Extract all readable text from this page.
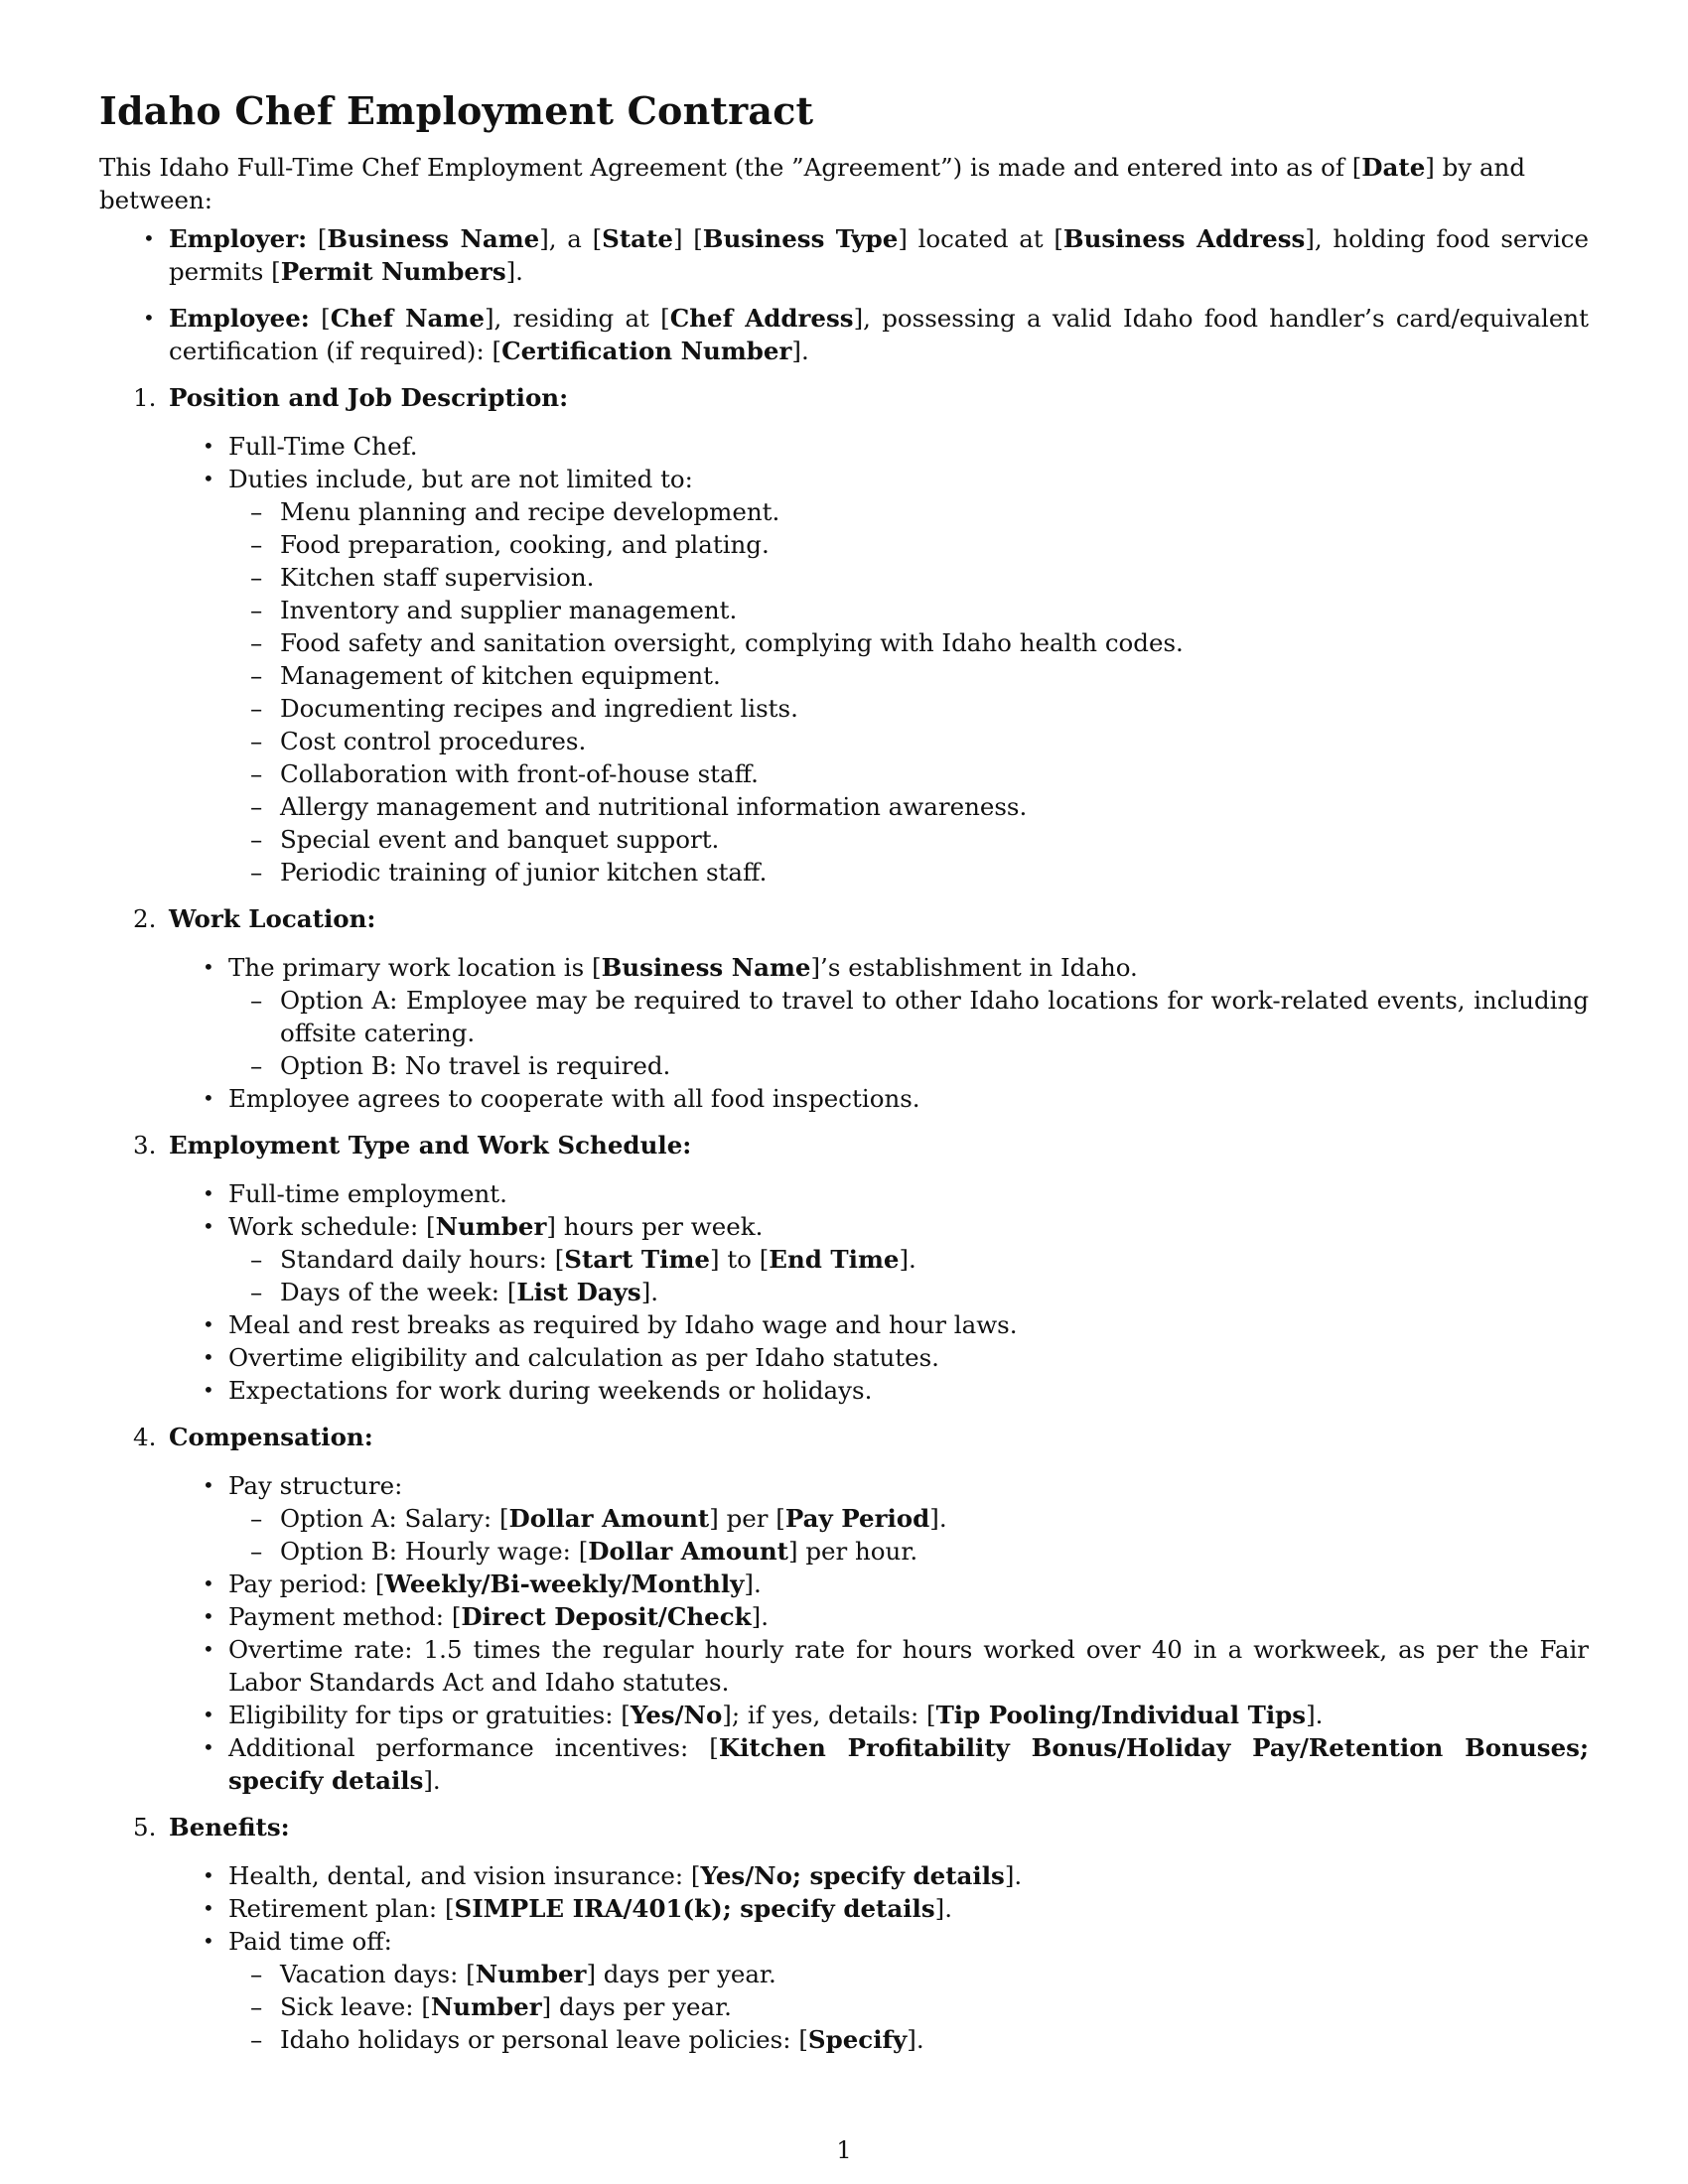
Idaho Chef Employment Contract

This Idaho Full-Time Chef Employment Agreement (the ”Agreement”) is made and entered into as of [Date] by and between:

• Employer: [Business Name], a [State] [Business Type] located at [Business Address], holding food service permits [Permit Numbers].
• Employee: [Chef Name], residing at [Chef Address], possessing a valid Idaho food handler’s card/equivalent certification (if required): [Certification Number].
1. Position and Job Description:
• Full-Time Chef.
• Duties include, but are not limited to:
– Menu planning and recipe development.
– Food preparation, cooking, and plating.
– Kitchen staff supervision.
– Inventory and supplier management.
– Food safety and sanitation oversight, complying with Idaho health codes.
– Management of kitchen equipment.
– Documenting recipes and ingredient lists.
– Cost control procedures.
– Collaboration with front-of-house staff.
– Allergy management and nutritional information awareness.
– Special event and banquet support.
– Periodic training of junior kitchen staff.
2. Work Location:
• The primary work location is [Business Name]’s establishment in Idaho.
– Option A: Employee may be required to travel to other Idaho locations for work-related events, including offsite catering.
– Option B: No travel is required.
• Employee agrees to cooperate with all food inspections.
3. Employment Type and Work Schedule:
• Full-time employment.
• Work schedule: [Number] hours per week.
– Standard daily hours: [Start Time] to [End Time].
– Days of the week: [List Days].
• Meal and rest breaks as required by Idaho wage and hour laws.
• Overtime eligibility and calculation as per Idaho statutes.
• Expectations for work during weekends or holidays.
4. Compensation:
• Pay structure:
– Option A: Salary: [Dollar Amount] per [Pay Period].
– Option B: Hourly wage: [Dollar Amount] per hour.
• Pay period: [Weekly/Bi-weekly/Monthly].
• Payment method: [Direct Deposit/Check].
• Overtime rate: 1.5 times the regular hourly rate for hours worked over 40 in a workweek, as per the Fair Labor Standards Act and Idaho statutes.
• Eligibility for tips or gratuities: [Yes/No]; if yes, details: [Tip Pooling/Individual Tips].
• Additional performance incentives: [Kitchen Profitability Bonus/Holiday Pay/Retention Bonuses; specify details].
5. Benefits:
• Health, dental, and vision insurance: [Yes/No; specify details].
• Retirement plan: [SIMPLE IRA/401(k); specify details].
• Paid time off:
– Vacation days: [Number] days per year.
– Sick leave: [Number] days per year.
– Idaho holidays or personal leave policies: [Specify].
1
